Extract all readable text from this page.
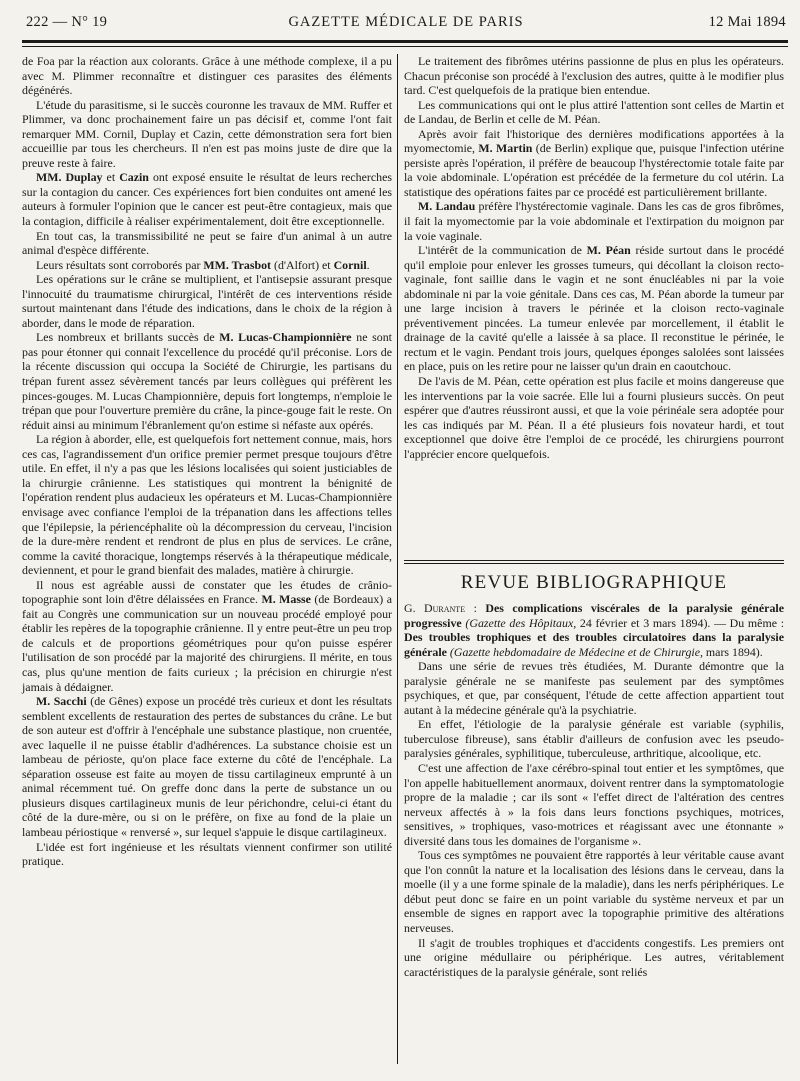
222 — N° 19	GAZETTE MÉDICALE DE PARIS	12 Mai 1894

de Foa par la réaction aux colorants. Grâce à une méthode complexe, il a pu avec M. Plimmer reconnaître et distinguer ces parasites des éléments dégénérés.

L'étude du parasitisme, si le succès couronne les travaux de MM. Ruffer et Plimmer, va donc prochainement faire un pas décisif et, comme l'ont fait remarquer MM. Cornil, Duplay et Cazin, cette démonstration sera fort bien accueillie par tous les chercheurs. Il n'en est pas moins juste de dire que la preuve reste à faire.

MM. Duplay et Cazin ont exposé ensuite le résultat de leurs recherches sur la contagion du cancer. Ces expériences fort bien conduites ont amené les auteurs à formuler l'opinion que le cancer est peut-être contagieux, mais que la contagion, difficile à réaliser expérimentalement, doit être exceptionnelle.

En tout cas, la transmissibilité ne peut se faire d'un animal à un autre animal d'espèce différente.

Leurs résultats sont corroborés par MM. Trasbot (d'Alfort) et Cornil.

Les opérations sur le crâne se multiplient, et l'antisepsie assurant presque l'innocuité du traumatisme chirurgical, l'intérêt de ces interventions réside surtout maintenant dans l'étude des indications, dans le choix de la région à aborder, dans le mode de réparation.

Les nombreux et brillants succès de M. Lucas-Championnière ne sont pas pour étonner qui connait l'excellence du procédé qu'il préconise. Lors de la récente discussion qui occupa la Société de Chirurgie, les partisans du trépan furent assez sévèrement tancés par leurs collègues qui préfèrent les pinces-gouges. M. Lucas Championnière, depuis fort longtemps, n'emploie le trépan que pour l'ouverture première du crâne, la pince-gouge fait le reste. On réduit ainsi au minimum l'ébranlement qu'on estime si néfaste aux opérés.

La région à aborder, elle, est quelquefois fort nettement connue, mais, hors ces cas, l'agrandissement d'un orifice premier permet presque toujours d'être utile. En effet, il n'y a pas que les lésions localisées qui soient justiciables de la chirurgie crânienne. Les statistiques qui montrent la bénignité de l'opération rendent plus audacieux les opérateurs et M. Lucas-Championnière envisage avec confiance l'emploi de la trépanation dans les affections telles que l'épilepsie, la périencéphalite où la décompression du cerveau, l'incision de la dure-mère rendent et rendront de plus en plus de services. Le crâne, comme la cavité thoracique, longtemps réservés à la thérapeutique médicale, deviennent, et pour le grand bienfait des malades, matière à chirurgie.

Il nous est agréable aussi de constater que les études de crânio-topographie sont loin d'être délaissées en France. M. Masse (de Bordeaux) a fait au Congrès une communication sur un nouveau procédé employé pour établir les repères de la topographie crânienne. Il y entre peut-être un peu trop de calculs et de proportions géométriques pour qu'on puisse espérer l'utilisation de son procédé par la majorité des chirurgiens. Il mérite, en tous cas, plus qu'une mention de faits curieux ; la précision en chirurgie n'est jamais à dédaigner.

M. Sacchi (de Gênes) expose un procédé très curieux et dont les résultats semblent excellents de restauration des pertes de substances du crâne. Le but de son auteur est d'offrir à l'encéphale une substance plastique, non cruentée, avec laquelle il ne puisse établir d'adhérences. La substance choisie est un lambeau de périoste, qu'on place face externe du côté de l'encéphale. La séparation osseuse est faite au moyen de tissu cartilagineux emprunté à un animal récemment tué. On greffe donc dans la perte de substance un ou plusieurs disques cartilagineux munis de leur périchondre, celui-ci étant du côté de la dure-mère, ou si on le préfère, on fixe au fond de la plaie un lambeau périostique « renversé », sur lequel s'appuie le disque cartilagineux.

L'idée est fort ingénieuse et les résultats viennent confirmer son utilité pratique.

Le traitement des fibrômes utérins passionne de plus en plus les opérateurs. Chacun préconise son procédé à l'exclusion des autres, quitte à le modifier plus tard. C'est quelquefois de la pratique bien entendue.

Les communications qui ont le plus attiré l'attention sont celles de Martin et de Landau, de Berlin et celle de M. Péan.

Après avoir fait l'historique des dernières modifications apportées à la myomectomie, M. Martin (de Berlin) explique que, puisque l'infection utérine persiste après l'opération, il préfère de beaucoup l'hystérectomie totale faite par la voie abdominale. L'opération est précédée de la fermeture du col utérin. La statistique des opérations faites par ce procédé est particulièrement brillante.

M. Landau préfère l'hystérectomie vaginale. Dans les cas de gros fibrômes, il fait la myomectomie par la voie abdominale et l'extirpation du moignon par la voie vaginale.

L'intérêt de la communication de M. Péan réside surtout dans le procédé qu'il emploie pour enlever les grosses tumeurs, qui décollant la cloison recto-vaginale, font saillie dans le vagin et ne sont énucléables ni par la voie abdominale ni par la voie génitale. Dans ces cas, M. Péan aborde la tumeur par une large incision à travers le périnée et la cloison recto-vaginale préventivement pincées. La tumeur enlevée par morcellement, il établit le drainage de la cavité qu'elle a laissée à sa place. Il reconstitue le périnée, le rectum et le vagin. Pendant trois jours, quelques éponges salolées sont laissées en place, puis on les retire pour ne laisser qu'un drain en caoutchouc.

De l'avis de M. Péan, cette opération est plus facile et moins dangereuse que les interventions par la voie sacrée. Elle lui a fourni plusieurs succès. On peut espérer que d'autres réussiront aussi, et que la voie périnéale sera adoptée pour les cas indiqués par M. Péan. Il a été plusieurs fois novateur hardi, et tout exceptionnel que doive être l'emploi de ce procédé, les chirurgiens pourront l'apprécier encore quelquefois.

REVUE BIBLIOGRAPHIQUE

G. Durante : Des complications viscérales de la paralysie générale progressive (Gazette des Hôpitaux, 24 février et 3 mars 1894). — Du même : Des troubles trophiques et des troubles circulatoires dans la paralysie générale (Gazette hebdomadaire de Médecine et de Chirurgie, mars 1894).

Dans une série de revues très étudiées, M. Durante démontre que la paralysie générale ne se manifeste pas seulement par des symptômes psychiques, et que, par conséquent, l'étude de cette affection appartient tout autant à la médecine générale qu'à la psychiatrie.

En effet, l'étiologie de la paralysie générale est variable (syphilis, tuberculose fibreuse), sans établir d'ailleurs de confusion avec les pseudo-paralysies générales, syphilitique, tuberculeuse, arthritique, alcoolique, etc.

C'est une affection de l'axe cérébro-spinal tout entier et les symptômes, que l'on appelle habituellement anormaux, doivent rentrer dans la symptomatologie propre de la maladie ; car ils sont « l'effet direct de l'altération des centres nerveux affectés à » la fois dans leurs fonctions psychiques, motrices, sensitives, » trophiques, vaso-motrices et réagissant avec une étonnante » diversité dans tous les domaines de l'organisme ».

Tous ces symptômes ne pouvaient être rapportés à leur véritable cause avant que l'on connût la nature et la localisation des lésions dans le cerveau, dans la moelle (il y a une forme spinale de la maladie), dans les nerfs périphériques. Le début peut donc se faire en un point variable du système nerveux et par un ensemble de signes en rapport avec la topographie primitive des altérations nerveuses.

Il s'agit de troubles trophiques et d'accidents congestifs. Les premiers ont une origine médullaire ou périphérique. Les autres, véritablement caractéristiques de la paralysie générale, sont reliés
